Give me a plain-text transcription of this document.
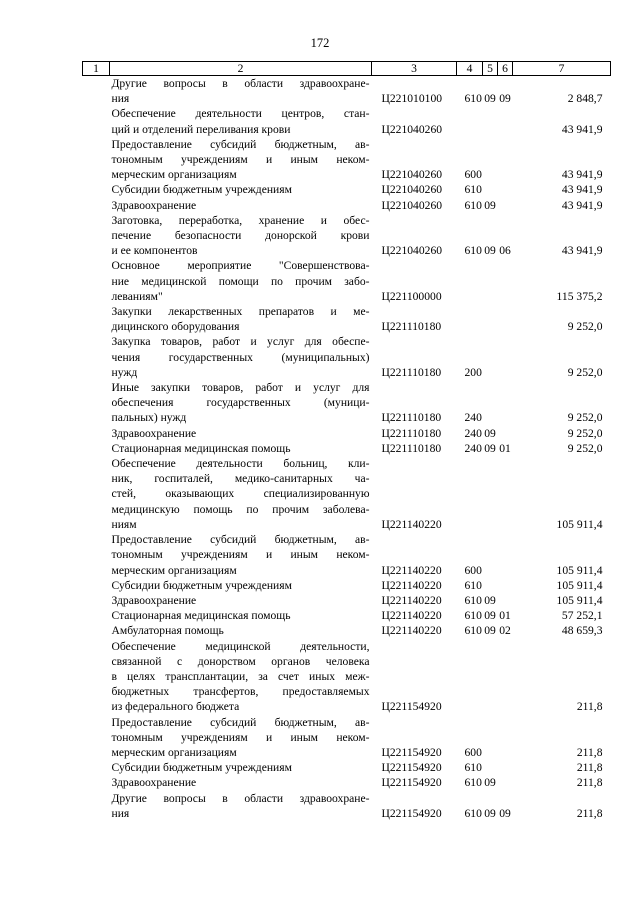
172
1	2	3	4	5	6	7

	Другие вопросы в области здравоохране-
ния	Ц221010100	610	09	09	2 848,7

	Обеспечение деятельности центров, стан-
ций и отделений переливания крови	Ц221040260				43 941,9

	Предоставление субсидий бюджетным, ав-
тономным учреждениям и иным неком-
мерческим организациям	Ц221040260	600			43 941,9

	Субсидии бюджетным учреждениям	Ц221040260	610			43 941,9

	Здравоохранение	Ц221040260	610	09		43 941,9

	Заготовка, переработка, хранение и обес-
печение безопасности донорской крови
и ее компонентов	Ц221040260	610	09	06	43 941,9

	Основное мероприятие "Совершенствова-
ние медицинской помощи по прочим забо-
леваниям"	Ц221100000				115 375,2

	Закупки лекарственных препаратов и ме-
дицинского оборудования	Ц221110180				9 252,0

	Закупка товаров, работ и услуг для обеспе-
чения государственных (муниципальных)
нужд	Ц221110180	200			9 252,0

	Иные закупки товаров, работ и услуг для
обеспечения государственных (муници-
пальных) нужд	Ц221110180	240			9 252,0

	Здравоохранение	Ц221110180	240	09		9 252,0

	Стационарная медицинская помощь	Ц221110180	240	09	01	9 252,0

	Обеспечение деятельности больниц, кли-
ник, госпиталей, медико-санитарных ча-
стей, оказывающих специализированную
медицинскую помощь по прочим заболева-
ниям	Ц221140220				105 911,4

	Предоставление субсидий бюджетным, ав-
тономным учреждениям и иным неком-
мерческим организациям	Ц221140220	600			105 911,4

	Субсидии бюджетным учреждениям	Ц221140220	610			105 911,4

	Здравоохранение	Ц221140220	610	09		105 911,4

	Стационарная медицинская помощь	Ц221140220	610	09	01	57 252,1

	Амбулаторная помощь	Ц221140220	610	09	02	48 659,3

	Обеспечение медицинской деятельности,
связанной с донорством органов человека
в целях трансплантации, за счет иных меж-
бюджетных трансфертов, предоставляемых
из федерального бюджета	Ц221154920				211,8

	Предоставление субсидий бюджетным, ав-
тономным учреждениям и иным неком-
мерческим организациям	Ц221154920	600			211,8

	Субсидии бюджетным учреждениям	Ц221154920	610			211,8

	Здравоохранение	Ц221154920	610	09		211,8

	Другие вопросы в области здравоохране-
ния	Ц221154920	610	09	09	211,8
